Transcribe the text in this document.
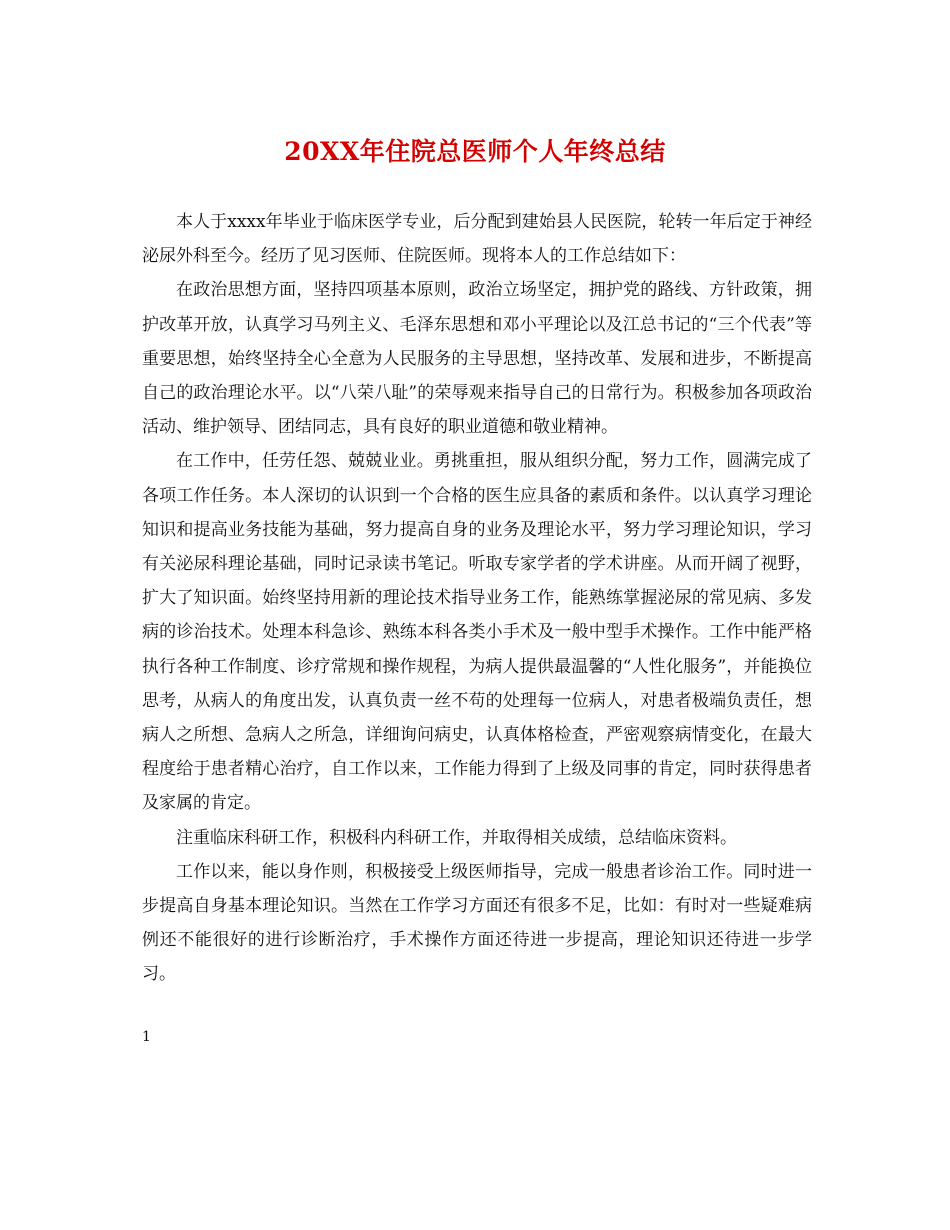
20XX年住院总医师个人年终总结

本人于xxxx年毕业于临床医学专业，后分配到建始县人民医院，轮转一年后定于神经泌尿外科至今。经历了见习医师、住院医师。现将本人的工作总结如下：

在政治思想方面，坚持四项基本原则，政治立场坚定，拥护党的路线、方针政策，拥护改革开放，认真学习马列主义、毛泽东思想和邓小平理论以及江总书记的“三个代表”等重要思想，始终坚持全心全意为人民服务的主导思想，坚持改革、发展和进步，不断提高自己的政治理论水平。以“八荣八耻”的荣辱观来指导自己的日常行为。积极参加各项政治活动、维护领导、团结同志，具有良好的职业道德和敬业精神。

在工作中，任劳任怨、兢兢业业。勇挑重担，服从组织分配，努力工作，圆满完成了各项工作任务。本人深切的认识到一个合格的医生应具备的素质和条件。以认真学习理论知识和提高业务技能为基础，努力提高自身的业务及理论水平，努力学习理论知识，学习有关泌尿科理论基础，同时记录读书笔记。听取专家学者的学术讲座。从而开阔了视野，扩大了知识面。始终坚持用新的理论技术指导业务工作，能熟练掌握泌尿的常见病、多发病的诊治技术。处理本科急诊、熟练本科各类小手术及一般中型手术操作。工作中能严格执行各种工作制度、诊疗常规和操作规程，为病人提供最温馨的“人性化服务”，并能换位思考，从病人的角度出发，认真负责一丝不苟的处理每一位病人，对患者极端负责任，想病人之所想、急病人之所急，详细询问病史，认真体格检查，严密观察病情变化，在最大程度给于患者精心治疗，自工作以来，工作能力得到了上级及同事的肯定，同时获得患者及家属的肯定。

注重临床科研工作，积极科内科研工作，并取得相关成绩，总结临床资料。

工作以来，能以身作则，积极接受上级医师指导，完成一般患者诊治工作。同时进一步提高自身基本理论知识。当然在工作学习方面还有很多不足，比如：有时对一些疑难病例还不能很好的进行诊断治疗，手术操作方面还待进一步提高，理论知识还待进一步学习。

1
